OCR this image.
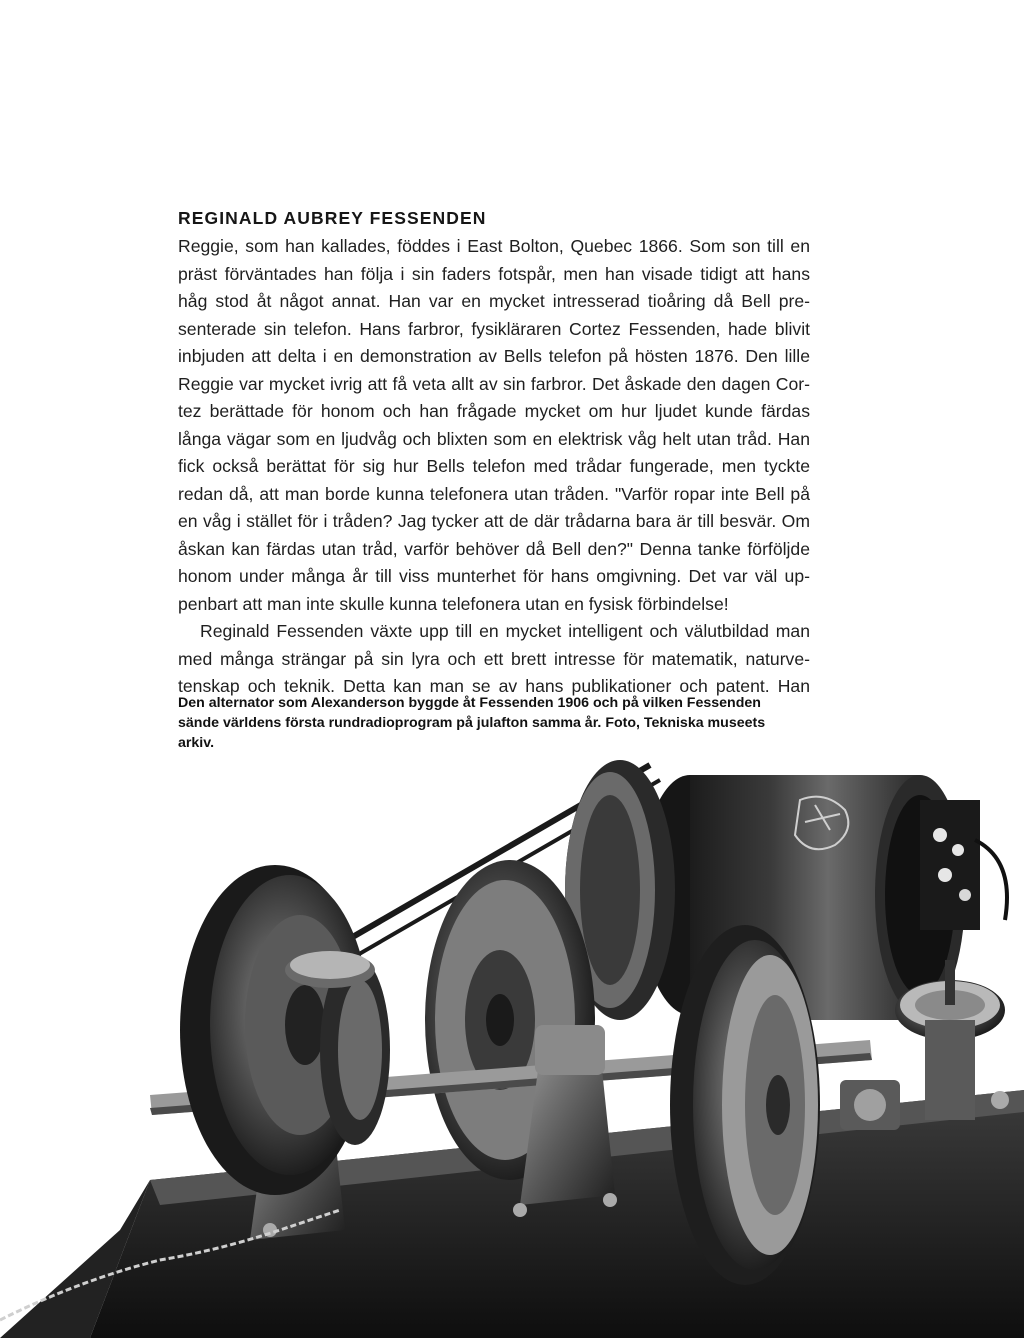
REGINALD AUBREY FESSENDEN
Reggie, som han kallades, föddes i East Bolton, Quebec 1866. Som son till en
präst förväntades han följa i sin faders fotspår, men han visade tidigt att hans
håg stod åt något annat. Han var en mycket intresserad tioåring då Bell pre-
senterade sin telefon. Hans farbror, fysikläraren Cortez Fessenden, hade blivit
inbjuden att delta i en demonstration av Bells telefon på hösten 1876. Den lille
Reggie var mycket ivrig att få veta allt av sin farbror. Det åskade den dagen Cor-
tez berättade för honom och han frågade mycket om hur ljudet kunde färdas
långa vägar som en ljudvåg och blixten som en elektrisk våg helt utan tråd. Han
fick också berättat för sig hur Bells telefon med trådar fungerade, men tyckte
redan då, att man borde kunna telefonera utan tråden. "Varför ropar inte Bell på
en våg i stället för i tråden? Jag tycker att de där trådarna bara är till besvär. Om
åskan kan färdas utan tråd, varför behöver då Bell den?" Denna tanke förföljde
honom under många år till viss munterhet för hans omgivning. Det var väl up-
penbart att man inte skulle kunna telefonera utan en fysisk förbindelse!
Reginald Fessenden växte upp till en mycket intelligent och välutbildad man
med många strängar på sin lyra och ett brett intresse för matematik, naturve-
tenskap och teknik. Detta kan man se av hans publikationer och patent. Han
Den alternator som Alexanderson byggde åt Fessenden 1906 och på vilken Fessenden
sände världens första rundradioprogram på julafton samma år. Foto, Tekniska museets
arkiv.
